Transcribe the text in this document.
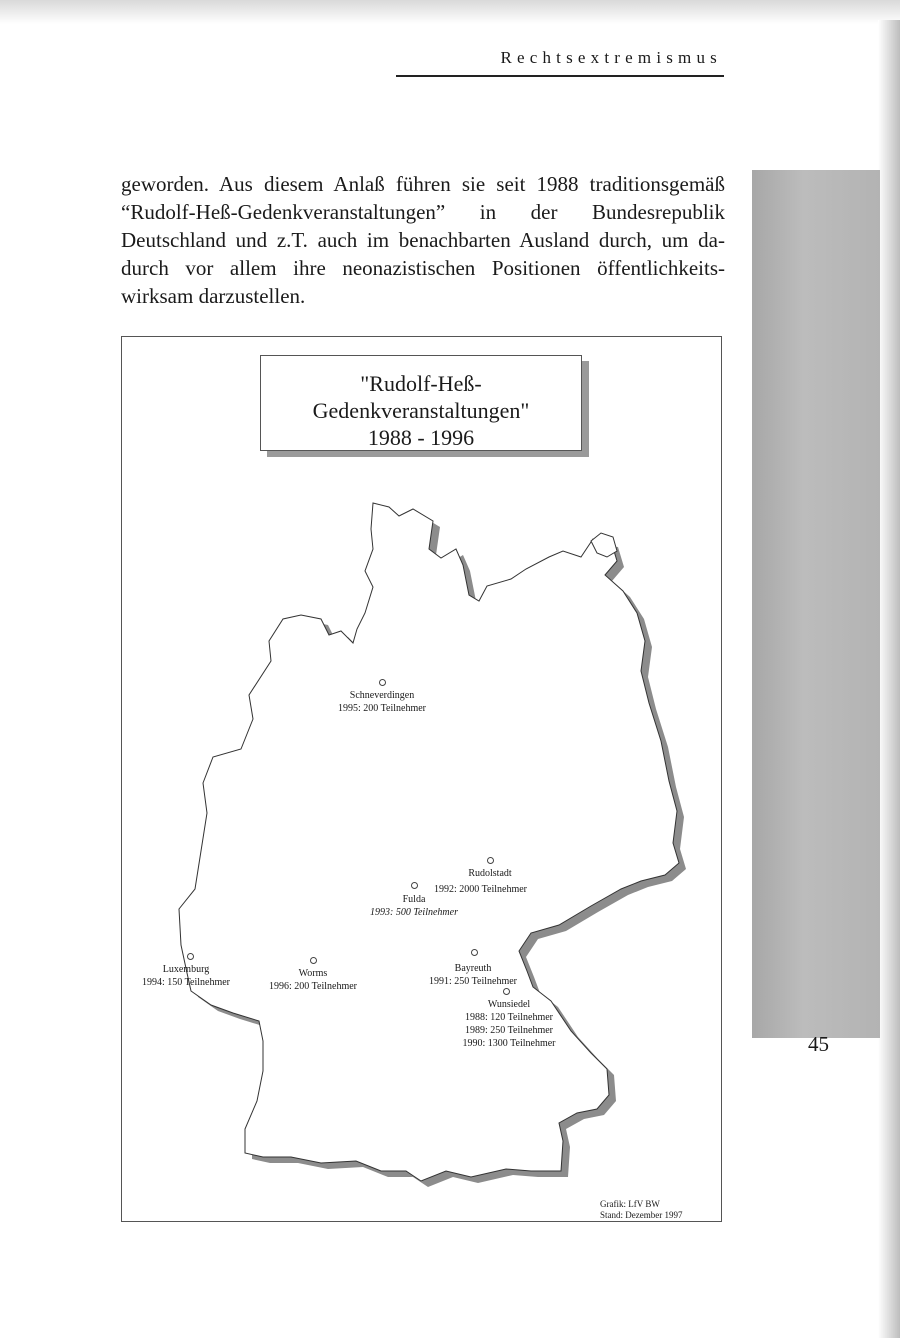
Rechtsextremismus
geworden. Aus diesem Anlaß führen sie seit 1988 traditionsgemäß
“Rudolf-Heß-Gedenkveranstaltungen” in der Bundesrepublik
Deutschland und z.T. auch im benachbarten Ausland durch, um da-
durch vor allem ihre neonazistischen Positionen öffentlichkeits-
wirksam darzustellen.
"Rudolf-Heß-
Gedenkveranstaltungen"
1988 - 1996
Schneverdingen
1995: 200 Teilnehmer
Rudolstadt
1992: 2000 Teilnehmer
Fulda
1993: 500 Teilnehmer
Luxemburg
1994: 150 Teilnehmer
Worms
1996: 200 Teilnehmer
Bayreuth
1991: 250 Teilnehmer
Wunsiedel
1988: 120 Teilnehmer
1989: 250 Teilnehmer
1990: 1300 Teilnehmer
Grafik: LfV BW
Stand: Dezember 1997
45
